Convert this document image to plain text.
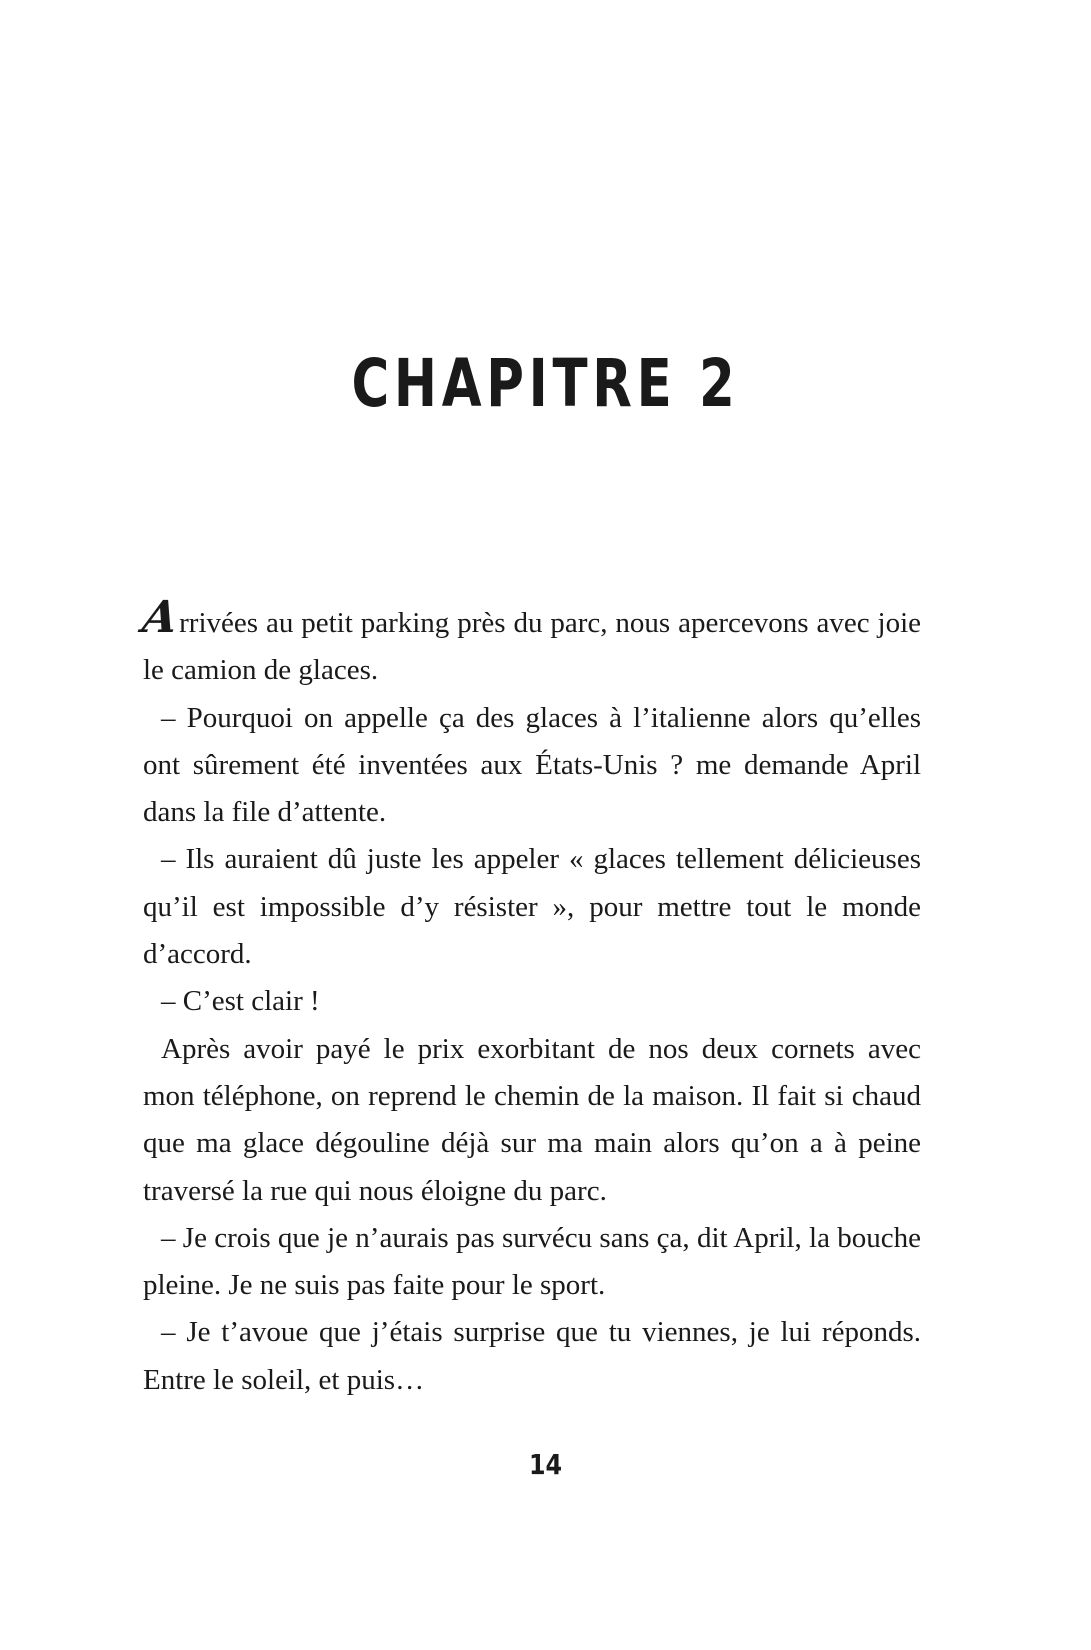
CHAPITRE 2

Arrivées au petit parking près du parc, nous apercevons avec joie le camion de glaces.

– Pourquoi on appelle ça des glaces à l’italienne alors qu’elles ont sûrement été inventées aux États-Unis ? me demande April dans la file d’attente.

– Ils auraient dû juste les appeler « glaces tellement délicieuses qu’il est impossible d’y résister », pour mettre tout le monde d’accord.

– C’est clair !

Après avoir payé le prix exorbitant de nos deux cornets avec mon téléphone, on reprend le chemin de la maison. Il fait si chaud que ma glace dégouline déjà sur ma main alors qu’on a à peine traversé la rue qui nous éloigne du parc.

– Je crois que je n’aurais pas survécu sans ça, dit April, la bouche pleine. Je ne suis pas faite pour le sport.

– Je t’avoue que j’étais surprise que tu viennes, je lui réponds. Entre le soleil, et puis…

14
